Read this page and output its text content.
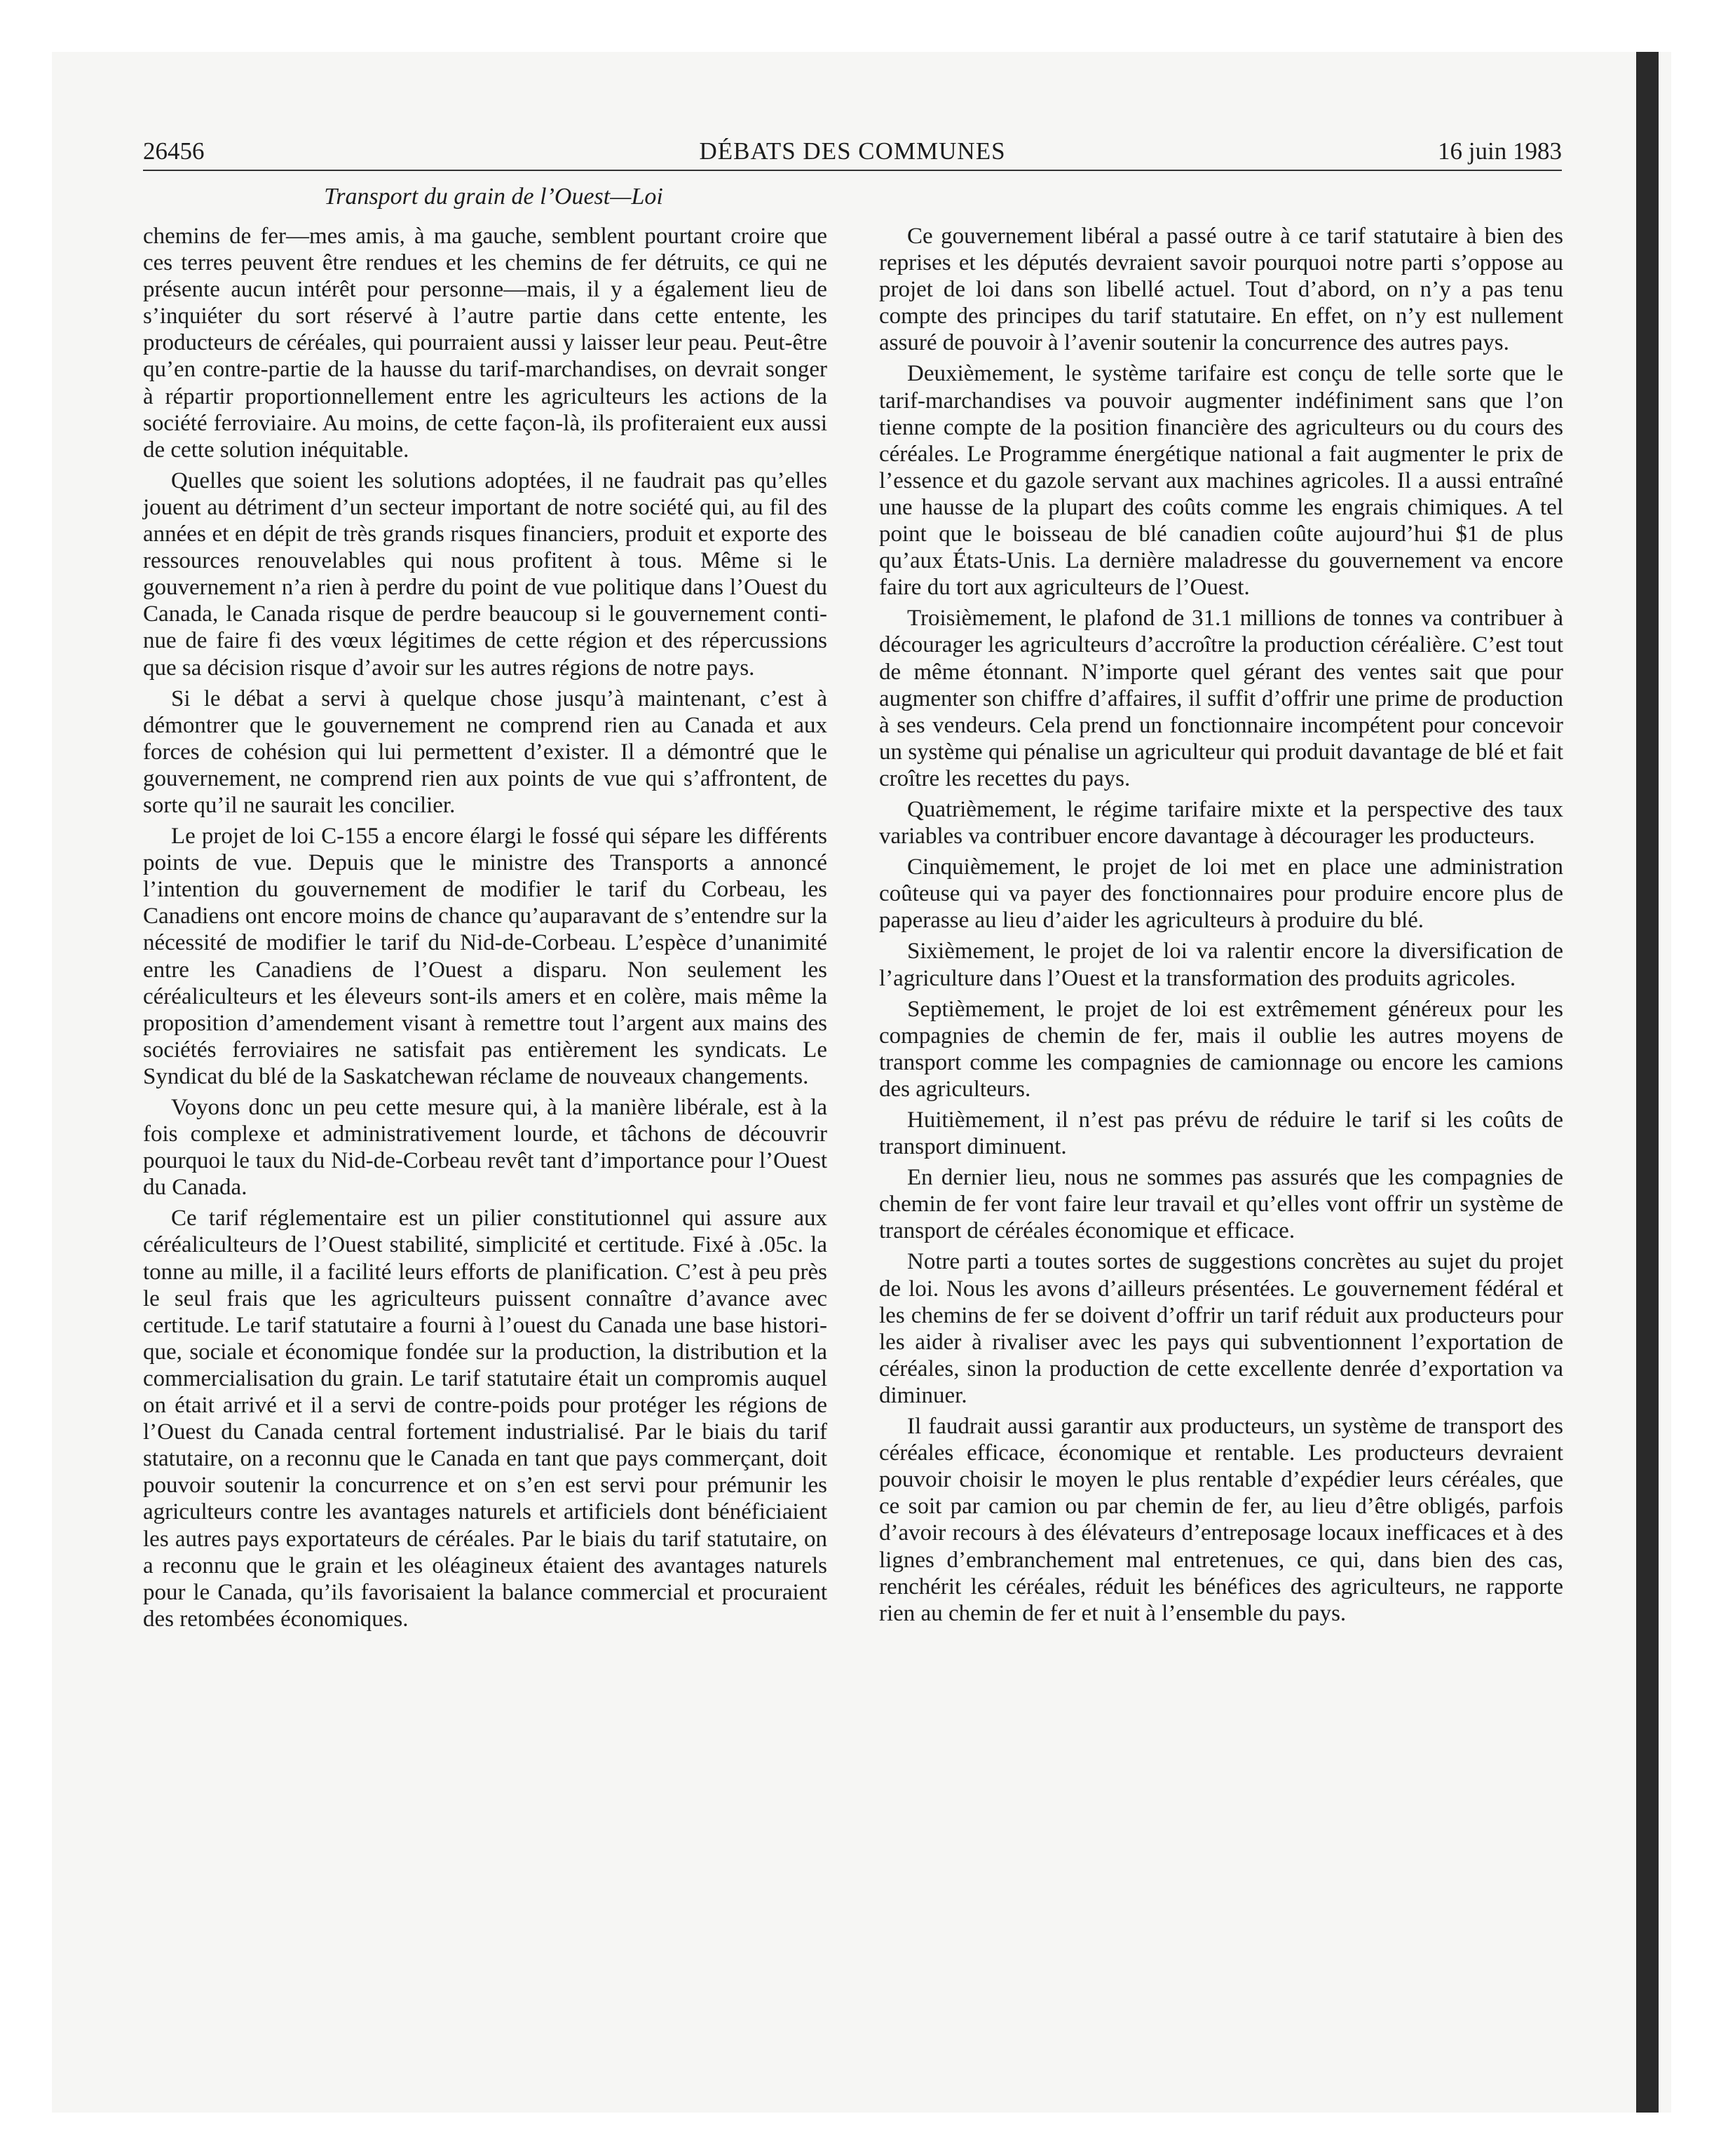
26456	DÉBATS DES COMMUNES	16 juin 1983
Transport du grain de l’Ouest—Loi

chemins de fer—mes amis, à ma gauche, semblent pourtant croire que ces terres peuvent être rendues et les chemins de fer détruits, ce qui ne présente aucun intérêt pour personne—mais, il y a également lieu de s’inquiéter du sort réservé à l’autre partie dans cette entente, les producteurs de céréales, qui pourraient aussi y laisser leur peau. Peut-être qu’en contre-partie de la hausse du tarif-marchandises, on devrait songer à répartir proportionnellement entre les agriculteurs les actions de la société ferroviaire. Au moins, de cette façon-là, ils profiteraient eux aussi de cette solution inéquitable.

Quelles que soient les solutions adoptées, il ne faudrait pas qu’elles jouent au détriment d’un secteur important de notre société qui, au fil des années et en dépit de très grands risques financiers, produit et exporte des ressources renouvelables qui nous profitent à tous. Même si le gouvernement n’a rien à perdre du point de vue politique dans l’Ouest du Canada, le Canada risque de perdre beaucoup si le gouvernement continue de faire fi des vœux légitimes de cette région et des répercussions que sa décision risque d’avoir sur les autres régions de notre pays.

Si le débat a servi à quelque chose jusqu’à maintenant, c’est à démontrer que le gouvernement ne comprend rien au Canada et aux forces de cohésion qui lui permettent d’exister. Il a démontré que le gouvernement, ne comprend rien aux points de vue qui s’affrontent, de sorte qu’il ne saurait les concilier.

Le projet de loi C-155 a encore élargi le fossé qui sépare les différents points de vue. Depuis que le ministre des Transports a annoncé l’intention du gouvernement de modifier le tarif du Corbeau, les Canadiens ont encore moins de chance qu’auparavant de s’entendre sur la nécessité de modifier le tarif du Nid-de-Corbeau. L’espèce d’unanimité entre les Canadiens de l’Ouest a disparu. Non seulement les céréaliculteurs et les éleveurs sont-ils amers et en colère, mais même la proposition d’amendement visant à remettre tout l’argent aux mains des sociétés ferroviaires ne satisfait pas entièrement les syndicats. Le Syndicat du blé de la Saskatchewan réclame de nouveaux changements.

Voyons donc un peu cette mesure qui, à la manière libérale, est à la fois complexe et administrativement lourde, et tâchons de découvrir pourquoi le taux du Nid-de-Corbeau revêt tant d’importance pour l’Ouest du Canada.

Ce tarif réglementaire est un pilier constitutionnel qui assure aux céréaliculteurs de l’Ouest stabilité, simplicité et certitude. Fixé à .05c. la tonne au mille, il a facilité leurs efforts de planification. C’est à peu près le seul frais que les agriculteurs puissent connaître d’avance avec certitude. Le tarif statutaire a fourni à l’ouest du Canada une base historique, sociale et économique fondée sur la production, la distribution et la commercialisation du grain. Le tarif statutaire était un compromis auquel on était arrivé et il a servi de contre-poids pour protéger les régions de l’Ouest du Canada central fortement industrialisé. Par le biais du tarif statutaire, on a reconnu que le Canada en tant que pays commerçant, doit pouvoir soutenir la concurrence et on s’en est servi pour prémunir les agriculteurs contre les avantages naturels et artificiels dont bénéficiaient les autres pays exportateurs de céréales. Par le biais du tarif statutaire, on a reconnu que le grain et les oléagineux étaient des avantages naturels pour le Canada, qu’ils favorisaient la balance commercial et procuraient des retombées économiques.

Ce gouvernement libéral a passé outre à ce tarif statutaire à bien des reprises et les députés devraient savoir pourquoi notre parti s’oppose au projet de loi dans son libellé actuel. Tout d’abord, on n’y a pas tenu compte des principes du tarif statutaire. En effet, on n’y est nullement assuré de pouvoir à l’avenir soutenir la concurrence des autres pays.

Deuxièmement, le système tarifaire est conçu de telle sorte que le tarif-marchandises va pouvoir augmenter indéfiniment sans que l’on tienne compte de la position financière des agriculteurs ou du cours des céréales. Le Programme énergétique national a fait augmenter le prix de l’essence et du gazole servant aux machines agricoles. Il a aussi entraîné une hausse de la plupart des coûts comme les engrais chimiques. A tel point que le boisseau de blé canadien coûte aujourd’hui $1 de plus qu’aux États-Unis. La dernière maladresse du gouvernement va encore faire du tort aux agriculteurs de l’Ouest.

Troisièmement, le plafond de 31.1 millions de tonnes va contribuer à décourager les agriculteurs d’accroître la production céréalière. C’est tout de même étonnant. N’importe quel gérant des ventes sait que pour augmenter son chiffre d’affaires, il suffit d’offrir une prime de production à ses vendeurs. Cela prend un fonctionnaire incompétent pour concevoir un système qui pénalise un agriculteur qui produit davantage de blé et fait croître les recettes du pays.

Quatrièmement, le régime tarifaire mixte et la perspective des taux variables va contribuer encore davantage à décourager les producteurs.

Cinquièmement, le projet de loi met en place une administration coûteuse qui va payer des fonctionnaires pour produire encore plus de paperasse au lieu d’aider les agriculteurs à produire du blé.

Sixièmement, le projet de loi va ralentir encore la diversification de l’agriculture dans l’Ouest et la transformation des produits agricoles.

Septièmement, le projet de loi est extrêmement généreux pour les compagnies de chemin de fer, mais il oublie les autres moyens de transport comme les compagnies de camionnage ou encore les camions des agriculteurs.

Huitièmement, il n’est pas prévu de réduire le tarif si les coûts de transport diminuent.

En dernier lieu, nous ne sommes pas assurés que les compagnies de chemin de fer vont faire leur travail et qu’elles vont offrir un système de transport de céréales économique et efficace.

Notre parti a toutes sortes de suggestions concrètes au sujet du projet de loi. Nous les avons d’ailleurs présentées. Le gouvernement fédéral et les chemins de fer se doivent d’offrir un tarif réduit aux producteurs pour les aider à rivaliser avec les pays qui subventionnent l’exportation de céréales, sinon la production de cette excellente denrée d’exportation va diminuer.

Il faudrait aussi garantir aux producteurs, un système de transport des céréales efficace, économique et rentable. Les producteurs devraient pouvoir choisir le moyen le plus rentable d’expédier leurs céréales, que ce soit par camion ou par chemin de fer, au lieu d’être obligés, parfois d’avoir recours à des élévateurs d’entreposage locaux inefficaces et à des lignes d’embranchement mal entretenues, ce qui, dans bien des cas, renchérit les céréales, réduit les bénéfices des agriculteurs, ne rapporte rien au chemin de fer et nuit à l’ensemble du pays.
